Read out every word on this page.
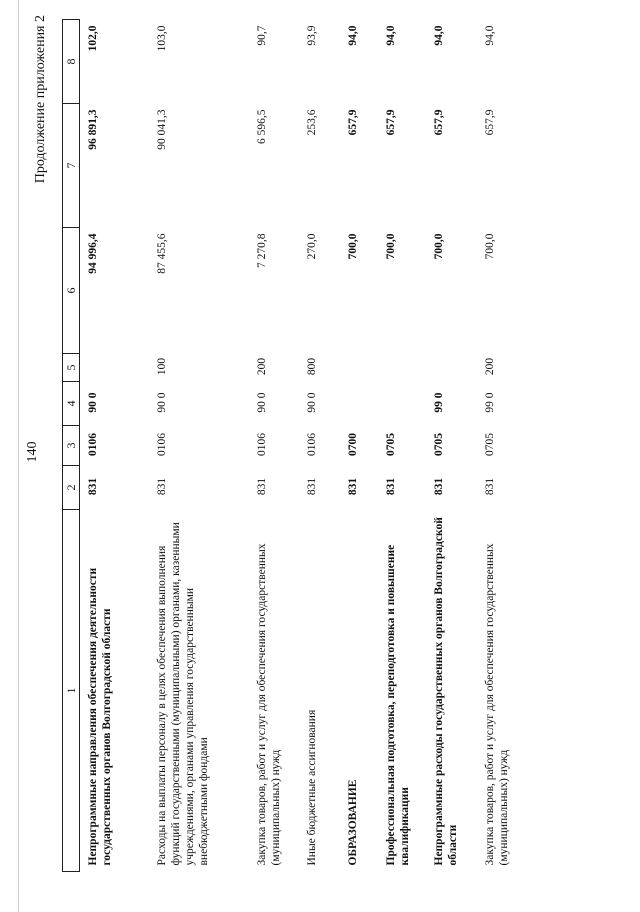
140
Продолжение приложения 2
1	2	3	4	5	6	7	8
Непрограммные направления обеспечения деятельности государственных органов Волгоградской области	831	0106	90 0		94 996,4	96 891,3	102,0
Расходы на выплаты персоналу в целях обеспечения выполнения функций государственными (муниципальными) органами, казенными учреждениями, органами управления государственными внебюджетными фондами	831	0106	90 0	100	87 455,6	90 041,3	103,0
Закупка товаров, работ и услуг для обеспечения государственных (муниципальных) нужд	831	0106	90 0	200	7 270,8	6 596,5	90,7
Иные бюджетные ассигнования	831	0106	90 0	800	270,0	253,6	93,9
ОБРАЗОВАНИЕ	831	0700			700,0	657,9	94,0
Профессиональная подготовка, переподготовка и повышение квалификации	831	0705			700,0	657,9	94,0
Непрограммные расходы государственных органов Волгоградской области	831	0705	99 0		700,0	657,9	94,0
Закупка товаров, работ и услуг для обеспечения государственных (муниципальных) нужд	831	0705	99 0	200	700,0	657,9	94,0
